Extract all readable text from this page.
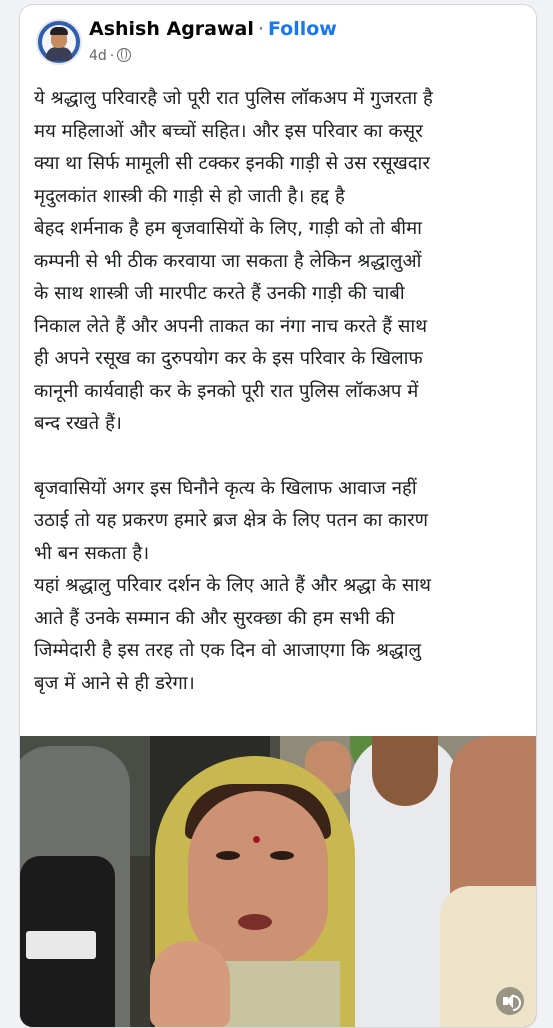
Ashish Agrawal · Follow
4d ·

ये श्रद्धालु परिवारहै जो पूरी रात पुलिस लॉकअप में गुजरता है
मय महिलाओं और बच्चों सहित। और इस परिवार का कसूर
क्या था सिर्फ मामूली सी टक्कर इनकी गाड़ी से उस रसूखदार
मृदुलकांत शास्त्री की गाड़ी से हो जाती है। हद्द है
बेहद शर्मनाक है हम बृजवासियों के लिए, गाड़ी को तो बीमा
कम्पनी से भी ठीक करवाया जा सकता है लेकिन श्रद्धालुओं
के साथ शास्त्री जी मारपीट करते हैं उनकी गाड़ी की चाबी
निकाल लेते हैं और अपनी ताकत का नंगा नाच करते हैं साथ
ही अपने रसूख का दुरुपयोग कर के इस परिवार के खिलाफ
कानूनी कार्यवाही कर के इनको पूरी रात पुलिस लॉकअप में
बन्द रखते हैं।

बृजवासियों अगर इस घिनौने कृत्य के खिलाफ आवाज नहीं
उठाई तो यह प्रकरण हमारे ब्रज क्षेत्र के लिए पतन का कारण
भी बन सकता है।
यहां श्रद्धालु परिवार दर्शन के लिए आते हैं और श्रद्धा के साथ
आते हैं उनके सम्मान की और सुरक्छा की हम सभी की
जिम्मेदारी है इस तरह तो एक दिन वो आजाएगा कि श्रद्धालु
बृज में आने से ही डरेगा।
